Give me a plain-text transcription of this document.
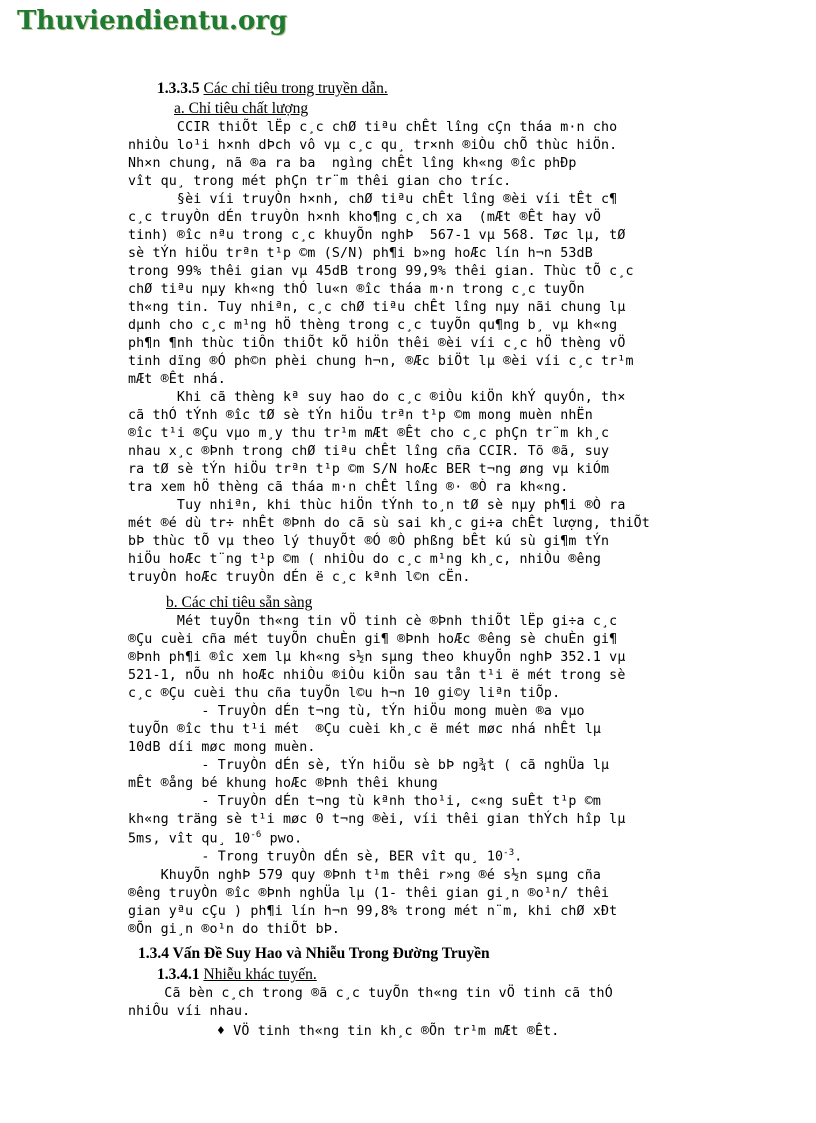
Thuviendientu.org
1.3.3.5 Các chỉ tiêu trong truyền dẫn.
a. Chỉ tiêu chất lượng
CCIR thiÕt lËp c¸c chØ tiªu chÊt lîng cÇn tháa m·n cho
nhiÒu lo¹i h×nh dÞch vô vµ c¸c qu¸ tr×nh ®iÒu chÕ thùc hiÖn.
Nh×n chung, nã ®a ra ba  ngìng chÊt lîng kh«ng ®îc phÐp
vît qu¸ trong mét phÇn tr¨m thêi gian cho tríc.
§èi víi truyÒn h×nh, chØ tiªu chÊt lîng ®èi víi tÊt c¶
c¸c truyÒn dÉn truyÒn h×nh kho¶ng c¸ch xa  (mÆt ®Êt hay vÖ
tinh) ®îc nªu trong c¸c khuyÕn nghÞ  567-1 vµ 568. Tøc lµ, tØ
sè tÝn hiÖu trªn t¹p ©m (S/N) ph¶i b»ng hoÆc lín h¬n 53dB
trong 99% thêi gian vµ 45dB trong 99,9% thêi gian. Thùc tÕ c¸c
chØ tiªu nµy kh«ng thÓ lu«n ®îc tháa m·n trong c¸c tuyÕn
th«ng tin. Tuy nhiªn, c¸c chØ tiªu chÊt lîng nµy nãi chung lµ
dµnh cho c¸c m¹ng hÖ thèng trong c¸c tuyÕn qu¶ng b¸ vµ kh«ng
ph¶n ¶nh thùc tiÔn thiÕt kÕ hiÖn thêi ®èi víi c¸c hÖ thèng vÖ
tinh dïng ®Ó ph©n phèi chung h¬n, ®Æc biÖt lµ ®èi víi c¸c tr¹m
mÆt ®Êt nhá.
Khi cã thèng kª suy hao do c¸c ®iÒu kiÖn khÝ quyÓn, th×
cã thÓ tÝnh ®îc tØ sè tÝn hiÖu trªn t¹p ©m mong muèn nhËn
®îc t¹i ®Çu vµo m¸y thu tr¹m mÆt ®Êt cho c¸c phÇn tr¨m kh¸c
nhau x¸c ®Þnh trong chØ tiªu chÊt lîng cña CCIR. Tõ ®ã, suy
ra tØ sè tÝn hiÖu trªn t¹p ©m S/N hoÆc BER t¬ng øng vµ kiÓm
tra xem hÖ thèng cã tháa m·n chÊt lîng ®· ®Ò ra kh«ng.
Tuy nhiªn, khi thùc hiÖn tÝnh to¸n tØ sè nµy ph¶i ®Ò ra
mét ®é dù tr÷ nhÊt ®Þnh do cã sù sai kh¸c gi÷a chÊt lượng, thiÕt
bÞ thùc tÕ vµ theo lý thuyÕt ®Ó ®Ò phßng bÊt kú sù gi¶m tÝn
hiÖu hoÆc t¨ng t¹p ©m ( nhiÒu do c¸c m¹ng kh¸c, nhiÒu ®êng
truyÒn hoÆc truyÒn dÉn ë c¸c kªnh l©n cËn.
b. Các chỉ tiêu sẵn sàng
Mét tuyÕn th«ng tin vÖ tinh cè ®Þnh thiÕt lËp gi÷a c¸c
®Çu cuèi cña mét tuyÕn chuÈn gi¶ ®Þnh hoÆc ®êng sè chuÈn gi¶
®Þnh ph¶i ®îc xem lµ kh«ng s½n sµng theo khuyÕn nghÞ 352.1 vµ
521-1, nÕu nh hoÆc nhiÒu ®iÒu kiÖn sau tån t¹i ë mét trong sè
c¸c ®Çu cuèi thu cña tuyÕn l©u h¬n 10 gi©y liªn tiÕp.
- TruyÒn dÉn t¬ng tù, tÝn hiÖu mong muèn ®a vµo
tuyÕn ®îc thu t¹i mét  ®Çu cuèi kh¸c ë mét møc nhá nhÊt lµ
10dB díi møc mong muèn.
- TruyÒn dÉn sè, tÝn hiÖu sè bÞ ng¾t ( cã nghÜa lµ
mÊt ®ång bé khung hoÆc ®Þnh thêi khung
- TruyÒn dÉn t¬ng tù kªnh tho¹i, c«ng suÊt t¹p ©m
kh«ng träng sè t¹i møc 0 t¬ng ®èi, víi thêi gian thÝch hîp lµ
5ms, vît qu¸ $10^{-6}$ pwo.
- Trong truyÒn dÉn sè, BER vît qu¸ $10^{-3}$.
KhuyÕn nghÞ 579 quy ®Þnh t¹m thêi r»ng ®é s½n sµng cña
®êng truyÒn ®îc ®Þnh nghÜa lµ (1- thêi gian gi¸n ®o¹n/ thêi
gian yªu cÇu ) ph¶i lín h¬n 99,8% trong mét n¨m, khi chØ xÐt
®Õn gi¸n ®o¹n do thiÕt bÞ.
1.3.4 Vấn Đề Suy Hao và Nhiễu Trong Đường Truyền
1.3.4.1 Nhiễu khác tuyến.
Cã bèn c¸ch trong ®ã c¸c tuyÕn th«ng tin vÖ tinh cã thÓ
nhiÔu víi nhau.
♦ VÖ tinh th«ng tin kh¸c ®Õn tr¹m mÆt ®Êt.
